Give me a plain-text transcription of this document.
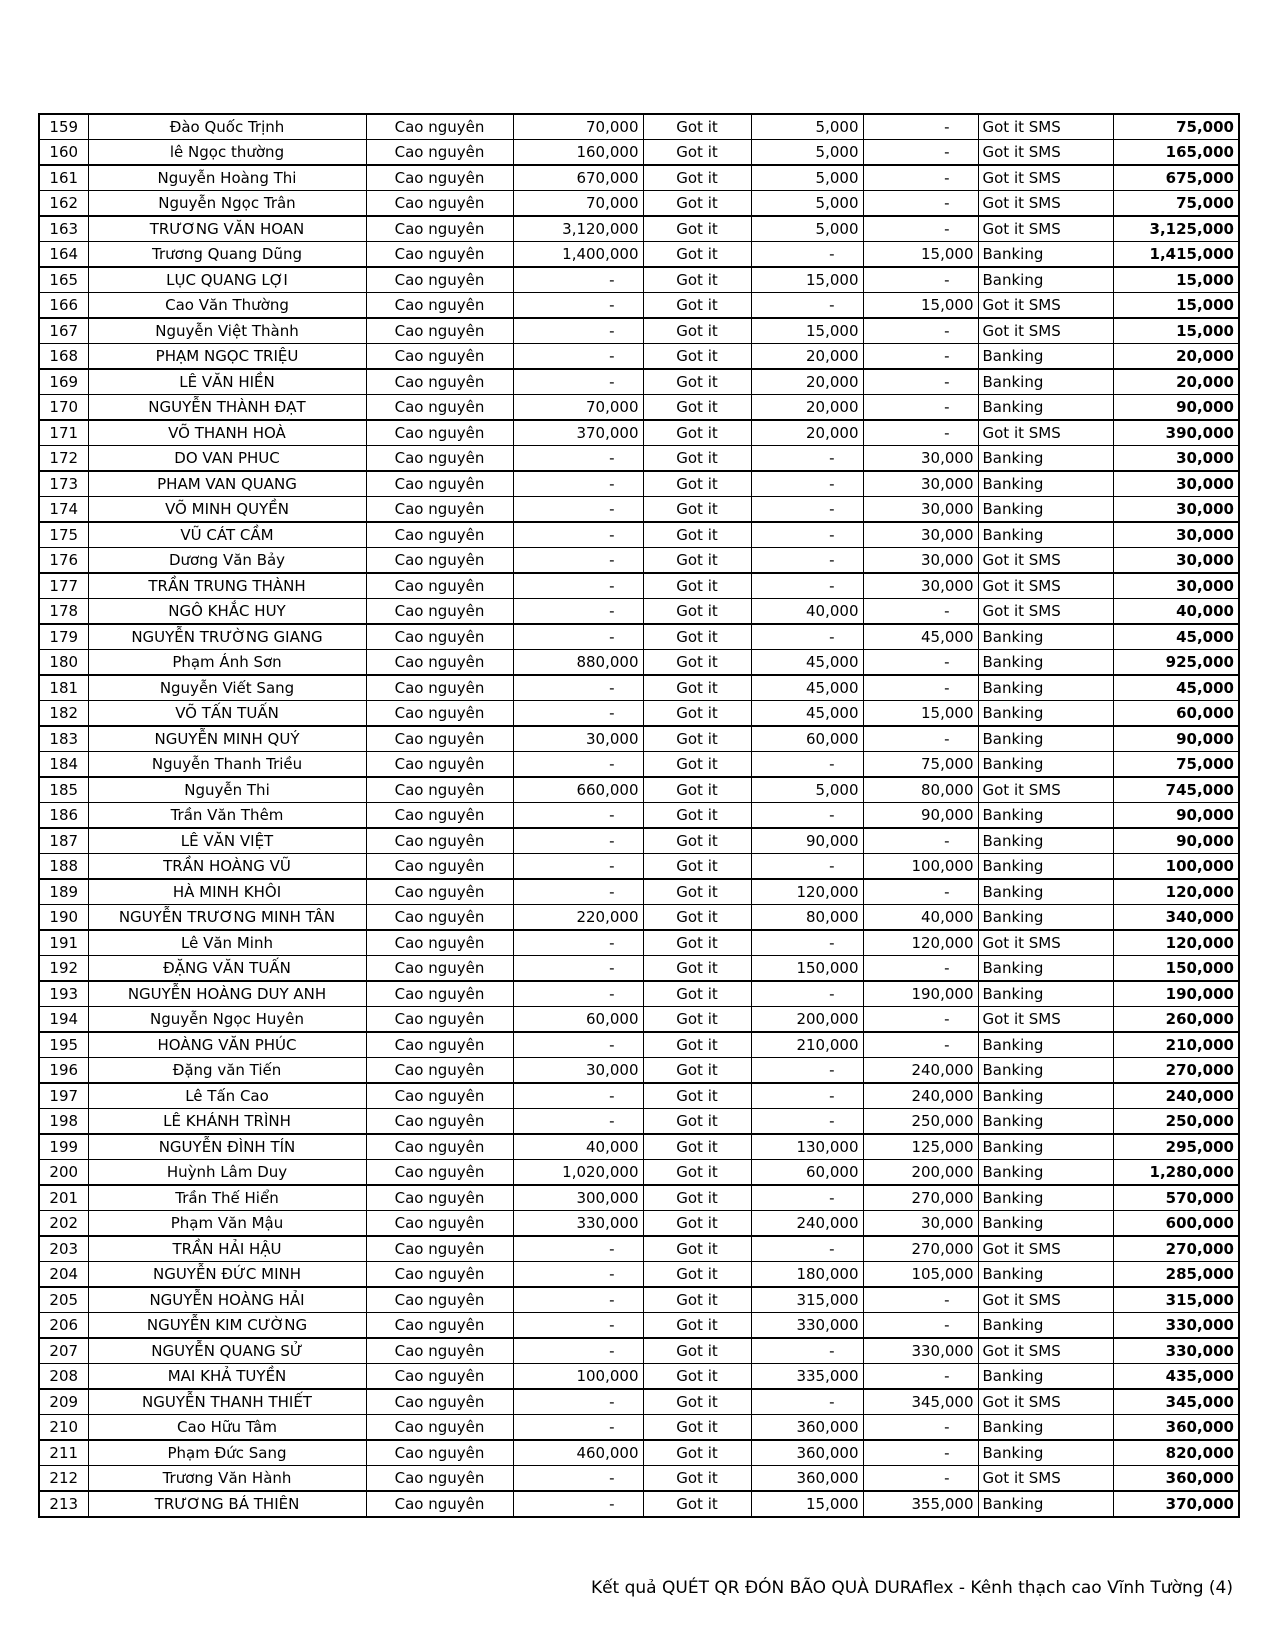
159	Đào Quốc Trịnh	Cao nguyên	70,000	Got it	5,000	-	Got it SMS	75,000
160	lê Ngọc thường	Cao nguyên	160,000	Got it	5,000	-	Got it SMS	165,000
161	Nguyễn Hoàng Thi	Cao nguyên	670,000	Got it	5,000	-	Got it SMS	675,000
162	Nguyễn Ngọc Trân	Cao nguyên	70,000	Got it	5,000	-	Got it SMS	75,000
163	TRƯƠNG VĂN HOAN	Cao nguyên	3,120,000	Got it	5,000	-	Got it SMS	3,125,000
164	Trương Quang Dũng	Cao nguyên	1,400,000	Got it	-	15,000	Banking	1,415,000
165	LỤC QUANG LỢI	Cao nguyên	-	Got it	15,000	-	Banking	15,000
166	Cao Văn Thường	Cao nguyên	-	Got it	-	15,000	Got it SMS	15,000
167	Nguyễn Việt Thành	Cao nguyên	-	Got it	15,000	-	Got it SMS	15,000
168	PHẠM NGỌC TRIỆU	Cao nguyên	-	Got it	20,000	-	Banking	20,000
169	LÊ VĂN HIỀN	Cao nguyên	-	Got it	20,000	-	Banking	20,000
170	NGUYỄN THÀNH ĐẠT	Cao nguyên	70,000	Got it	20,000	-	Banking	90,000
171	VÕ THANH HOÀ	Cao nguyên	370,000	Got it	20,000	-	Got it SMS	390,000
172	DO VAN PHUC	Cao nguyên	-	Got it	-	30,000	Banking	30,000
173	PHAM VAN QUANG	Cao nguyên	-	Got it	-	30,000	Banking	30,000
174	VÕ MINH QUYỀN	Cao nguyên	-	Got it	-	30,000	Banking	30,000
175	VŨ CÁT CẦM	Cao nguyên	-	Got it	-	30,000	Banking	30,000
176	Dương Văn Bảy	Cao nguyên	-	Got it	-	30,000	Got it SMS	30,000
177	TRẦN TRUNG THÀNH	Cao nguyên	-	Got it	-	30,000	Got it SMS	30,000
178	NGÔ KHẮC HUY	Cao nguyên	-	Got it	40,000	-	Got it SMS	40,000
179	NGUYỄN TRƯỜNG GIANG	Cao nguyên	-	Got it	-	45,000	Banking	45,000
180	Phạm Ánh Sơn	Cao nguyên	880,000	Got it	45,000	-	Banking	925,000
181	Nguyễn Viết Sang	Cao nguyên	-	Got it	45,000	-	Banking	45,000
182	VÕ TẤN TUẤN	Cao nguyên	-	Got it	45,000	15,000	Banking	60,000
183	NGUYỄN MINH QUÝ	Cao nguyên	30,000	Got it	60,000	-	Banking	90,000
184	Nguyễn Thanh Triều	Cao nguyên	-	Got it	-	75,000	Banking	75,000
185	Nguyễn Thi	Cao nguyên	660,000	Got it	5,000	80,000	Got it SMS	745,000
186	Trần Văn Thêm	Cao nguyên	-	Got it	-	90,000	Banking	90,000
187	LÊ VĂN VIỆT	Cao nguyên	-	Got it	90,000	-	Banking	90,000
188	TRẦN HOÀNG VŨ	Cao nguyên	-	Got it	-	100,000	Banking	100,000
189	HÀ MINH KHÔI	Cao nguyên	-	Got it	120,000	-	Banking	120,000
190	NGUYỄN TRƯƠNG MINH TÂN	Cao nguyên	220,000	Got it	80,000	40,000	Banking	340,000
191	Lê Văn Minh	Cao nguyên	-	Got it	-	120,000	Got it SMS	120,000
192	ĐẶNG VĂN TUẤN	Cao nguyên	-	Got it	150,000	-	Banking	150,000
193	NGUYỄN HOÀNG DUY ANH	Cao nguyên	-	Got it	-	190,000	Banking	190,000
194	Nguyễn Ngọc Huyên	Cao nguyên	60,000	Got it	200,000	-	Got it SMS	260,000
195	HOÀNG VĂN PHÚC	Cao nguyên	-	Got it	210,000	-	Banking	210,000
196	Đặng văn Tiến	Cao nguyên	30,000	Got it	-	240,000	Banking	270,000
197	Lê Tấn Cao	Cao nguyên	-	Got it	-	240,000	Banking	240,000
198	LÊ KHÁNH TRÌNH	Cao nguyên	-	Got it	-	250,000	Banking	250,000
199	NGUYỄN ĐÌNH TÍN	Cao nguyên	40,000	Got it	130,000	125,000	Banking	295,000
200	Huỳnh Lâm Duy	Cao nguyên	1,020,000	Got it	60,000	200,000	Banking	1,280,000
201	Trần Thế Hiển	Cao nguyên	300,000	Got it	-	270,000	Banking	570,000
202	Phạm Văn Mậu	Cao nguyên	330,000	Got it	240,000	30,000	Banking	600,000
203	TRẦN HẢI HẬU	Cao nguyên	-	Got it	-	270,000	Got it SMS	270,000
204	NGUYỄN ĐỨC MINH	Cao nguyên	-	Got it	180,000	105,000	Banking	285,000
205	NGUYỄN HOÀNG HẢI	Cao nguyên	-	Got it	315,000	-	Got it SMS	315,000
206	NGUYỄN KIM CƯỜNG	Cao nguyên	-	Got it	330,000	-	Banking	330,000
207	NGUYỄN QUANG SỬ	Cao nguyên	-	Got it	-	330,000	Got it SMS	330,000
208	MAI KHẢ TUYỀN	Cao nguyên	100,000	Got it	335,000	-	Banking	435,000
209	NGUYỄN THANH THIẾT	Cao nguyên	-	Got it	-	345,000	Got it SMS	345,000
210	Cao Hữu Tâm	Cao nguyên	-	Got it	360,000	-	Banking	360,000
211	Phạm Đức Sang	Cao nguyên	460,000	Got it	360,000	-	Banking	820,000
212	Trương Văn Hành	Cao nguyên	-	Got it	360,000	-	Got it SMS	360,000
213	TRƯƠNG BÁ THIÊN	Cao nguyên	-	Got it	15,000	355,000	Banking	370,000
Kết quả QUÉT QR ĐÓN BÃO QUÀ DURAflex - Kênh thạch cao Vĩnh Tường (4)
